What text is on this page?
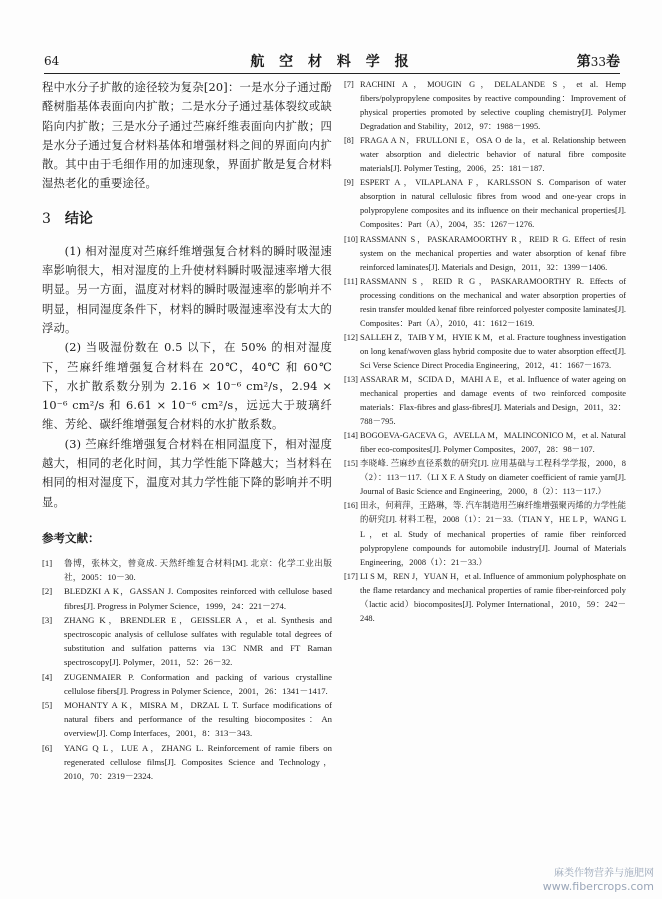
64	航 空 材 料 学 报	第33卷

程中水分子扩散的途径较为复杂[20]：一是水分子通过酚醛树脂基体表面向内扩散；二是水分子通过基体裂纹或缺陷向内扩散；三是水分子通过苎麻纤维表面向内扩散；四是水分子通过复合材料基体和增强材料之间的界面向内扩散。其中由于毛细作用的加速现象，界面扩散是复合材料湿热老化的重要途径。

3 结论

(1) 相对湿度对苎麻纤维增强复合材料的瞬时吸湿速率影响很大，相对湿度的上升使材料瞬时吸湿速率增大很明显。另一方面，温度对材料的瞬时吸湿速率的影响并不明显，相同湿度条件下，材料的瞬时吸湿速率没有太大的浮动。

(2) 当吸湿份数在 0.5 以下，在 50% 的相对湿度下，苎麻纤维增强复合材料在 20℃，40℃ 和 60℃ 下，水扩散系数分别为 2.16 × 10⁻⁶ cm²/s，2.94 × 10⁻⁶ cm²/s 和 6.61 × 10⁻⁶ cm²/s，远远大于玻璃纤维、芳纶、碳纤维增强复合材料的水扩散系数。

(3) 苎麻纤维增强复合材料在相同温度下，相对湿度越大，相同的老化时间，其力学性能下降越大；当材料在相同的相对湿度下，温度对其力学性能下降的影响并不明显。

参考文献：
[1] 鲁博，张林文，曾竟成. 天然纤维复合材料[M]. 北京：化学工业出版社，2005：10－30.
[2] BLEDZKI A K，GASSAN J. Composites reinforced with cellulose based fibres[J]. Progress in Polymer Science，1999，24：221－274.
[3] ZHANG K，BRENDLER E，GEISSLER A，et al. Synthesis and spectroscopic analysis of cellulose sulfates with regulable total degrees of substitution and sulfation patterns via 13C NMR and FT Raman spectroscopy[J]. Polymer，2011，52：26－32.
[4] ZUGENMAIER P. Conformation and packing of various crystalline cellulose fibers[J]. Progress in Polymer Science，2001，26：1341－1417.
[5] MOHANTY A K，MISRA M，DRZAL L T. Surface modifications of natural fibers and performance of the resulting biocomposites：An overview[J]. Comp Interfaces，2001，8：313－343.
[6] YANG Q L，LUE A，ZHANG L. Reinforcement of ramie fibers on regenerated cellulose films[J]. Composites Science and Technology，2010，70：2319－2324.
[7] RACHINI A，MOUGIN G，DELALANDE S，et al. Hemp fibers/polypropylene composites by reactive compounding：Improvement of physical properties promoted by selective coupling chemistry[J]. Polymer Degradation and Stability，2012，97：1988－1995.
[8] FRAGA A N，FRULLONI E，OSA O de la，et al. Relationship between water absorption and dielectric behavior of natural fibre composite materials[J]. Polymer Testing，2006，25：181－187.
[9] ESPERT A，VILAPLANA F，KARLSSON S. Comparison of water absorption in natural cellulosic fibres from wood and one-year crops in polypropylene composites and its influence on their mechanical properties[J]. Composites：Part（A），2004，35：1267－1276.
[10] RASSMANN S，PASKARAMOORTHY R，REID R G. Effect of resin system on the mechanical properties and water absorption of kenaf fibre reinforced laminates[J]. Materials and Design，2011，32：1399－1406.
[11] RASSMANN S，REID R G，PASKARAMOORTHY R. Effects of processing conditions on the mechanical and water absorption properties of resin transfer moulded kenaf fibre reinforced polyester composite laminates[J]. Composites：Part（A），2010，41：1612－1619.
[12] SALLEH Z，TAIB Y M，HYIE K M，et al. Fracture toughness investigation on long kenaf/woven glass hybrid composite due to water absorption effect[J]. Sci Verse Science Direct Procedia Engineering，2012，41：1667－1673.
[13] ASSARAR M，SCIDA D，MAHI A E，et al. Influence of water ageing on mechanical properties and damage events of two reinforced composite materials：Flax-fibres and glass-fibres[J]. Materials and Design，2011，32：788－795.
[14] BOGOEVA-GACEVA G，AVELLA M，MALINCONICO M，et al. Natural fiber eco-composites[J]. Polymer Composites，2007，28：98－107.
[15] 李晓峰. 苎麻纱直径系数的研究[J]. 应用基础与工程科学学报，2000，8（2）：113－117.（LI X F. A Study on diameter coefficient of ramie yarn[J]. Journal of Basic Science and Engineering，2000，8（2）：113－117.）
[16] 田永，何莉萍，王路琳，等. 汽车制造用苎麻纤维增强聚丙烯的力学性能的研究[J]. 材料工程，2008（1）：21－33.（TIAN Y，HE L P，WANG L L，et al. Study of mechanical properties of ramie fiber reinforced polypropylene compounds for automobile industry[J]. Journal of Materials Engineering，2008（1）：21－33.）
[17] LI S M，REN J，YUAN H，et al. Influence of ammonium polyphosphate on the flame retardancy and mechanical properties of ramie fiber-reinforced poly（lactic acid）biocomposites[J]. Polymer International，2010，59：242－248.
麻类作物营养与施肥网
www.fibercrops.com
